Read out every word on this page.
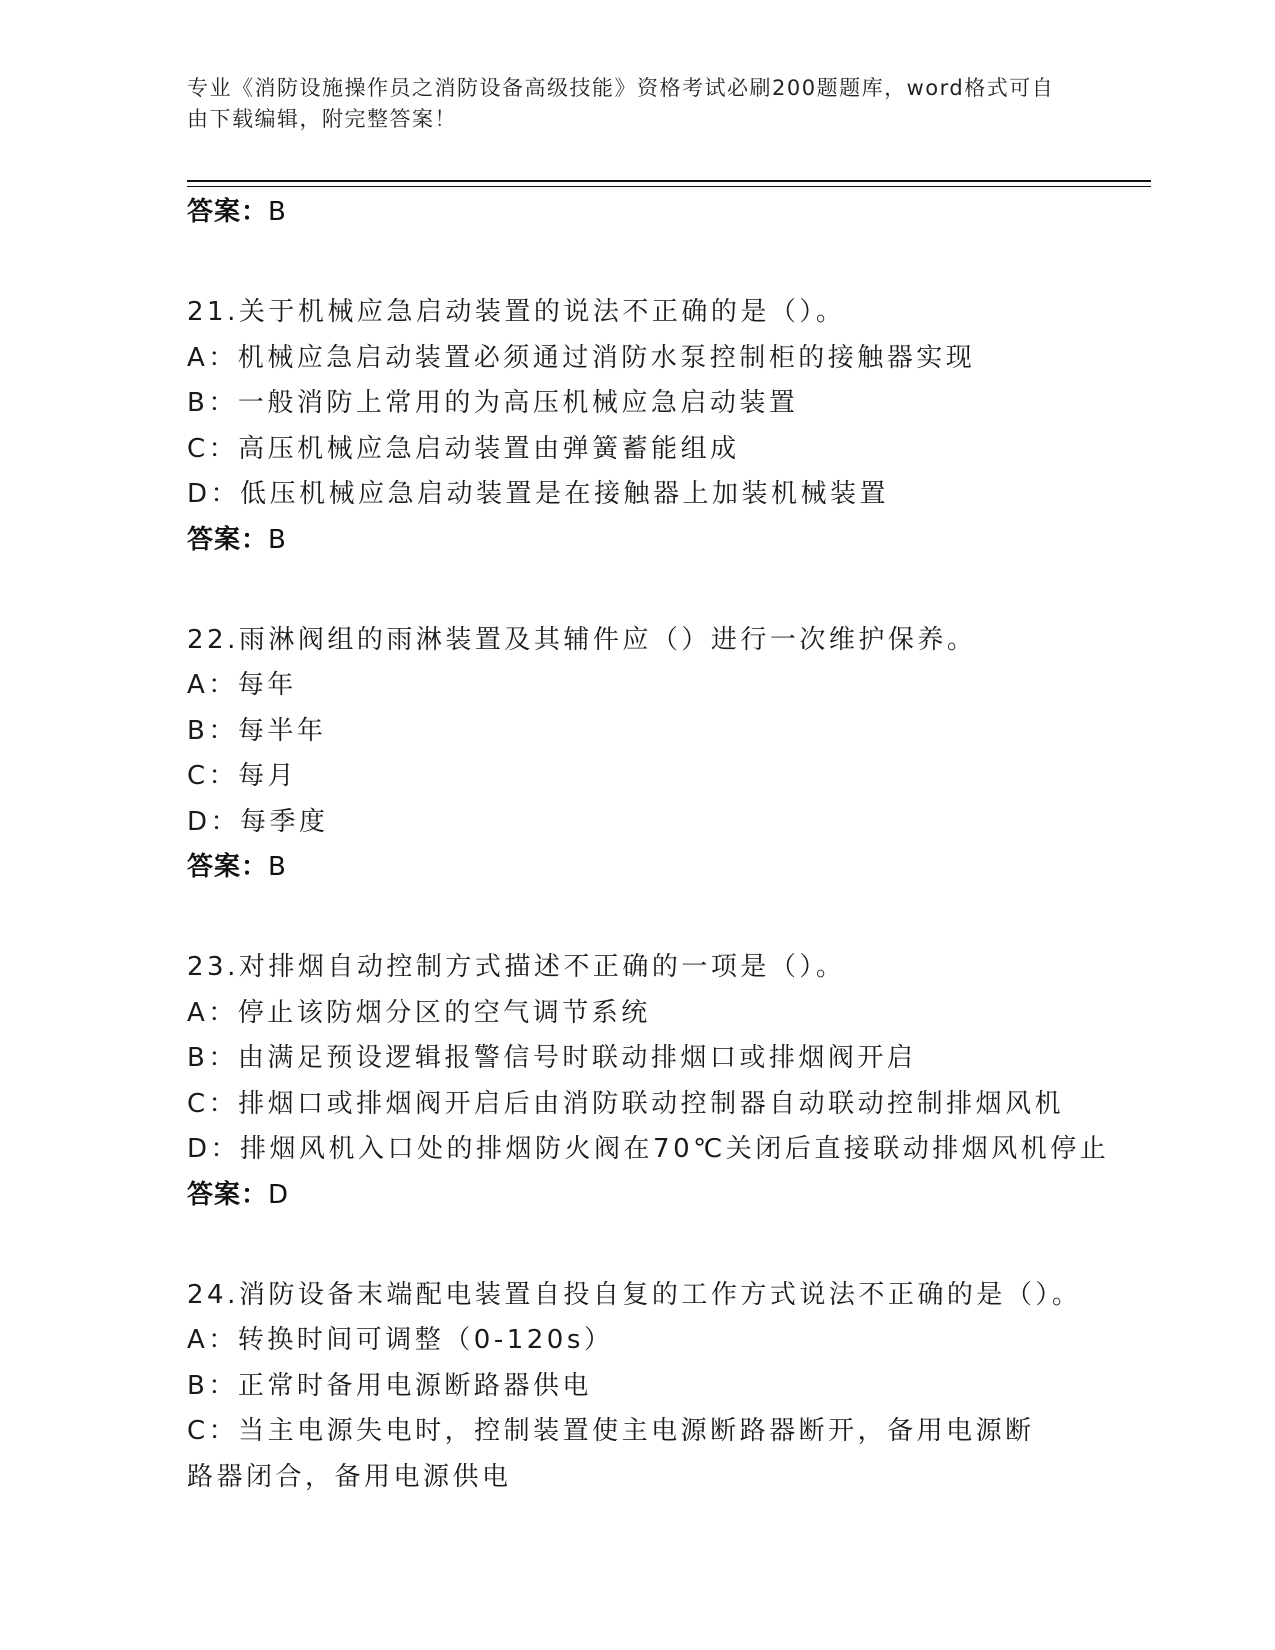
专业《消防设施操作员之消防设备高级技能》资格考试必刷200题题库，word格式可自由下载编辑，附完整答案！
答案：B
21.关于机械应急启动装置的说法不正确的是（）。
A：机械应急启动装置必须通过消防水泵控制柜的接触器实现
B：一般消防上常用的为高压机械应急启动装置
C：高压机械应急启动装置由弹簧蓄能组成
D：低压机械应急启动装置是在接触器上加装机械装置
答案：B
22.雨淋阀组的雨淋装置及其辅件应（）进行一次维护保养。
A：每年
B：每半年
C：每月
D：每季度
答案：B
23.对排烟自动控制方式描述不正确的一项是（）。
A：停止该防烟分区的空气调节系统
B：由满足预设逻辑报警信号时联动排烟口或排烟阀开启
C：排烟口或排烟阀开启后由消防联动控制器自动联动控制排烟风机
D：排烟风机入口处的排烟防火阀在70℃关闭后直接联动排烟风机停止
答案：D
24.消防设备末端配电装置自投自复的工作方式说法不正确的是（）。
A：转换时间可调整（0-120s）
B：正常时备用电源断路器供电
C：当主电源失电时，控制装置使主电源断路器断开，备用电源断路器闭合，备用电源供电
